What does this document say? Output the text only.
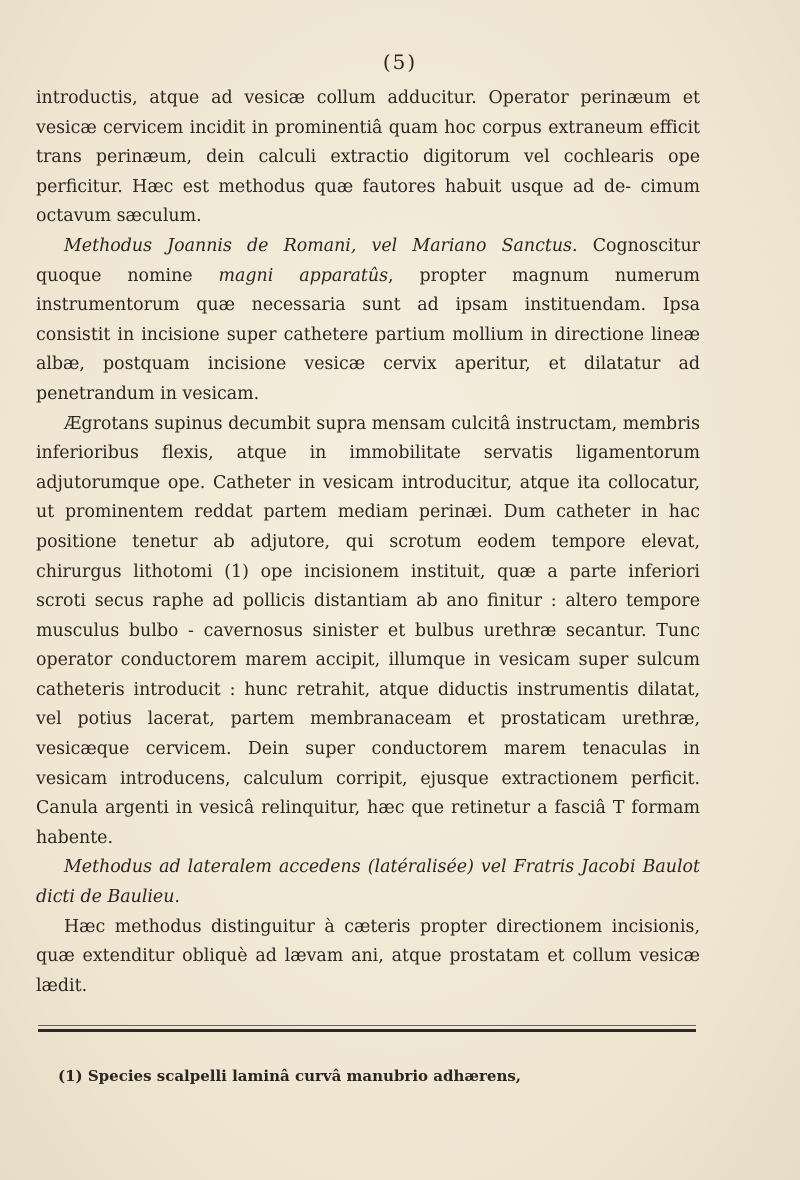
(5)

introductis, atque ad vesicæ collum adducitur. Operator perinæum et vesicæ cervicem incidit in prominentiâ quam hoc corpus extraneum efficit trans perinæum, dein calculi extractio digitorum vel cochlearis ope perficitur. Hæc est methodus quæ fautores habuit usque ad de- cimum octavum sæculum.

Methodus Joannis de Romani, vel Mariano Sanctus. Cognoscitur quoque nomine magni apparatûs, propter magnum numerum instrumentorum quæ necessaria sunt ad ipsam instituendam. Ipsa consistit in incisione super cathetere partium mollium in directione lineæ albæ, postquam incisione vesicæ cervix aperitur, et dilatatur ad penetrandum in vesicam.

Ægrotans supinus decumbit supra mensam culcitâ instructam, membris inferioribus flexis, atque in immobilitate servatis ligamentorum adjutorumque ope. Catheter in vesicam introducitur, atque ita collocatur, ut prominentem reddat partem mediam perinæi. Dum catheter in hac positione tenetur ab adjutore, qui scrotum eodem tempore elevat, chirurgus lithotomi (1) ope incisionem instituit, quæ a parte inferiori scroti secus raphe ad pollicis distantiam ab ano finitur : altero tempore musculus bulbo - cavernosus sinister et bulbus urethræ secantur. Tunc operator conductorem marem accipit, illumque in vesicam super sulcum catheteris introducit : hunc retrahit, atque diductis instrumentis dilatat, vel potius lacerat, partem membranaceam et prostaticam urethræ, vesicæque cervicem. Dein super conductorem marem tenaculas in vesicam introducens, calculum corripit, ejusque extractionem perficit. Canula argenti in vesicâ relinquitur, hæc que retinetur a fasciâ T formam habente.

Methodus ad lateralem accedens (latéralisée) vel Fratris Jacobi Baulot dicti de Baulieu.

Hæc methodus distinguitur à cæteris propter directionem incisionis, quæ extenditur obliquè ad lævam ani, atque prostatam et collum vesicæ lædit.

(1) Species scalpelli laminâ curvâ manubrio adhærens,
